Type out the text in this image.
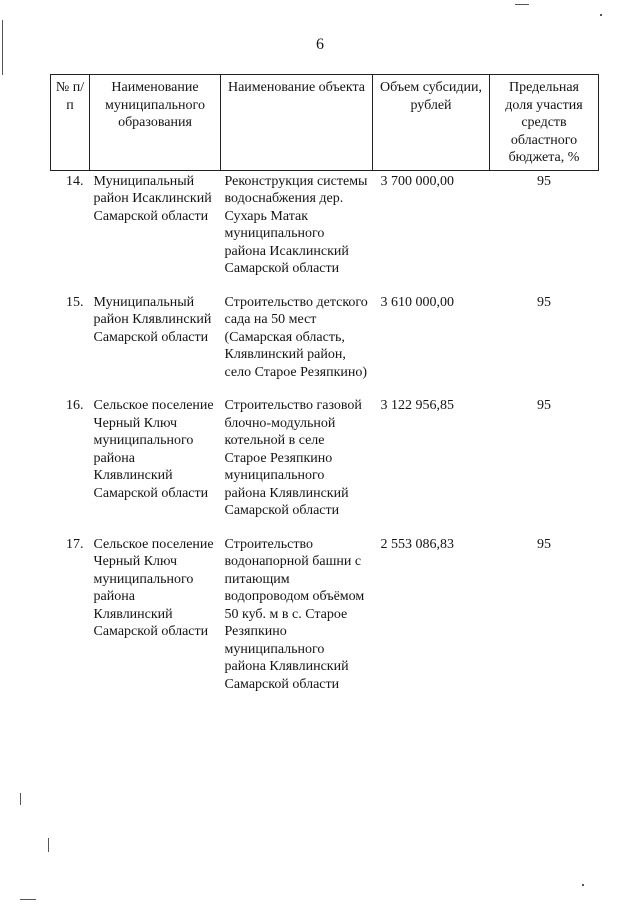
6
№ п/п	Наименование муниципального образования	Наименование объекта	Объем субсидии, рублей	Предельная доля участия средств областного бюджета, %
14.	Муниципальный район Исаклинский Самарской области	Реконструкция системы водоснабжения дер. Сухарь Матак муниципального района Исаклинский Самарской области	3 700 000,00	95
15.	Муниципальный район Клявлинский Самарской области	Строительство детского сада на 50 мест (Самарская область, Клявлинский район, село Старое Резяпкино)	3 610 000,00	95
16.	Сельское поселение Черный Ключ муниципального района Клявлинский Самарской области	Строительство газовой блочно-модульной котельной в селе Старое Резяпкино муниципального района Клявлинский Самарской области	3 122 956,85	95
17.	Сельское поселение Черный Ключ муниципального района Клявлинский Самарской области	Строительство водонапорной башни с питающим водопроводом объёмом 50 куб. м в с. Старое Резяпкино муниципального района Клявлинский Самарской области	2 553 086,83	95
